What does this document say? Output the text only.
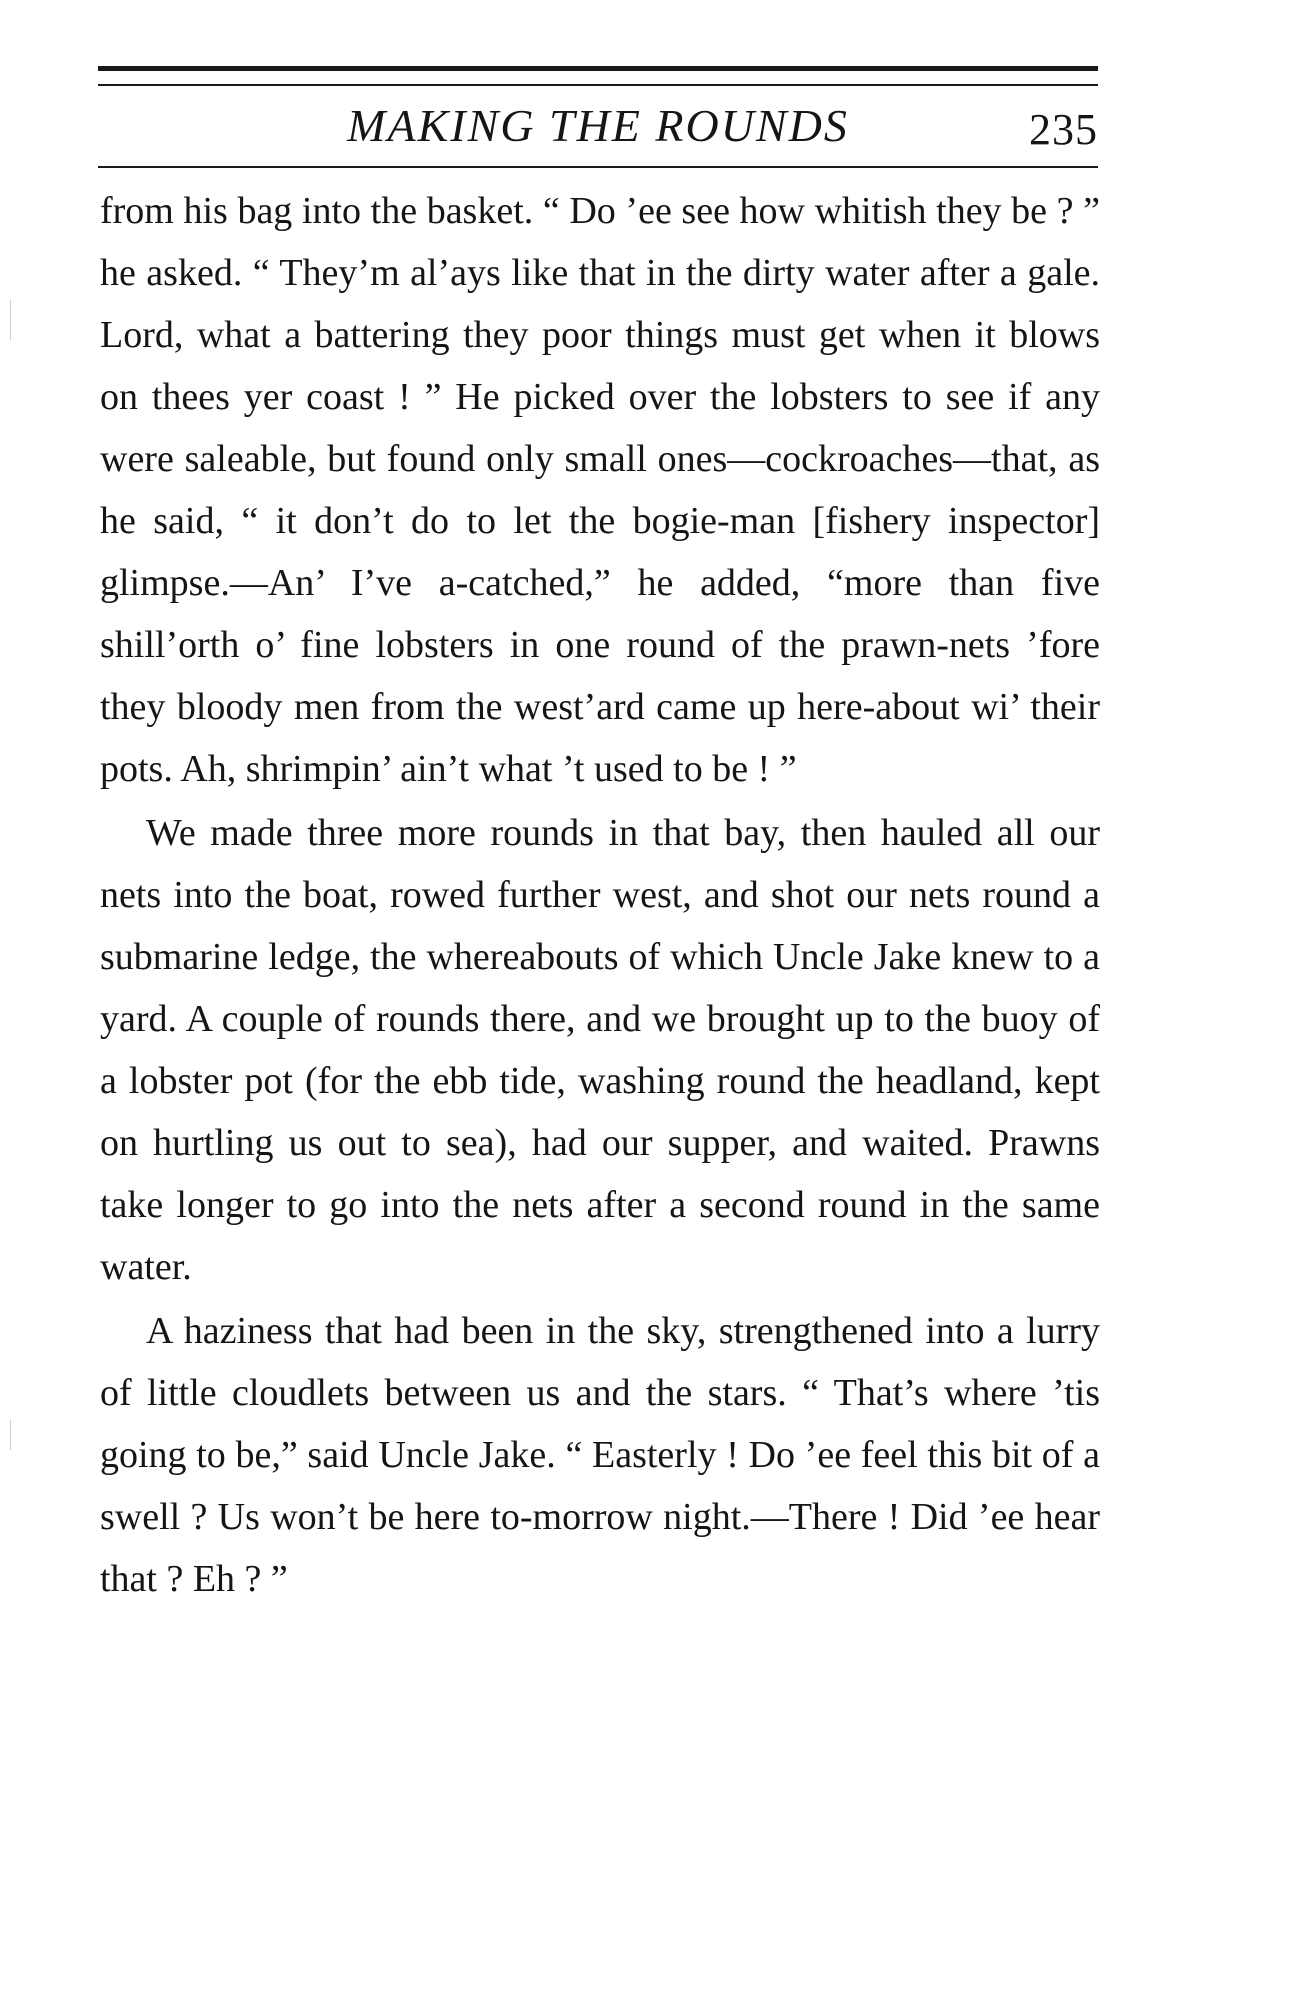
MAKING THE ROUNDS	235

from his bag into the basket. “ Do ’ee see how whitish they be ? ” he asked. “ They’m al’ays like that in the dirty water after a gale. Lord, what a battering they poor things must get when it blows on thees yer coast ! ” He picked over the lobsters to see if any were saleable, but found only small ones—cockroaches—that, as he said, “ it don’t do to let the bogie-man [fishery inspector] glimpse.—An’ I’ve a-catched,” he added, “more than five shill’orth o’ fine lobsters in one round of the prawn-nets ’fore they bloody men from the west’ard came up here-about wi’ their pots. Ah, shrimpin’ ain’t what ’t used to be ! ”

We made three more rounds in that bay, then hauled all our nets into the boat, rowed further west, and shot our nets round a submarine ledge, the whereabouts of which Uncle Jake knew to a yard. A couple of rounds there, and we brought up to the buoy of a lobster pot (for the ebb tide, washing round the headland, kept on hurtling us out to sea), had our supper, and waited. Prawns take longer to go into the nets after a second round in the same water.

A haziness that had been in the sky, strengthened into a lurry of little cloudlets between us and the stars. “ That’s where ’tis going to be,” said Uncle Jake. “ Easterly ! Do ’ee feel this bit of a swell ? Us won’t be here to-morrow night.—There ! Did ’ee hear that ? Eh ? ”
